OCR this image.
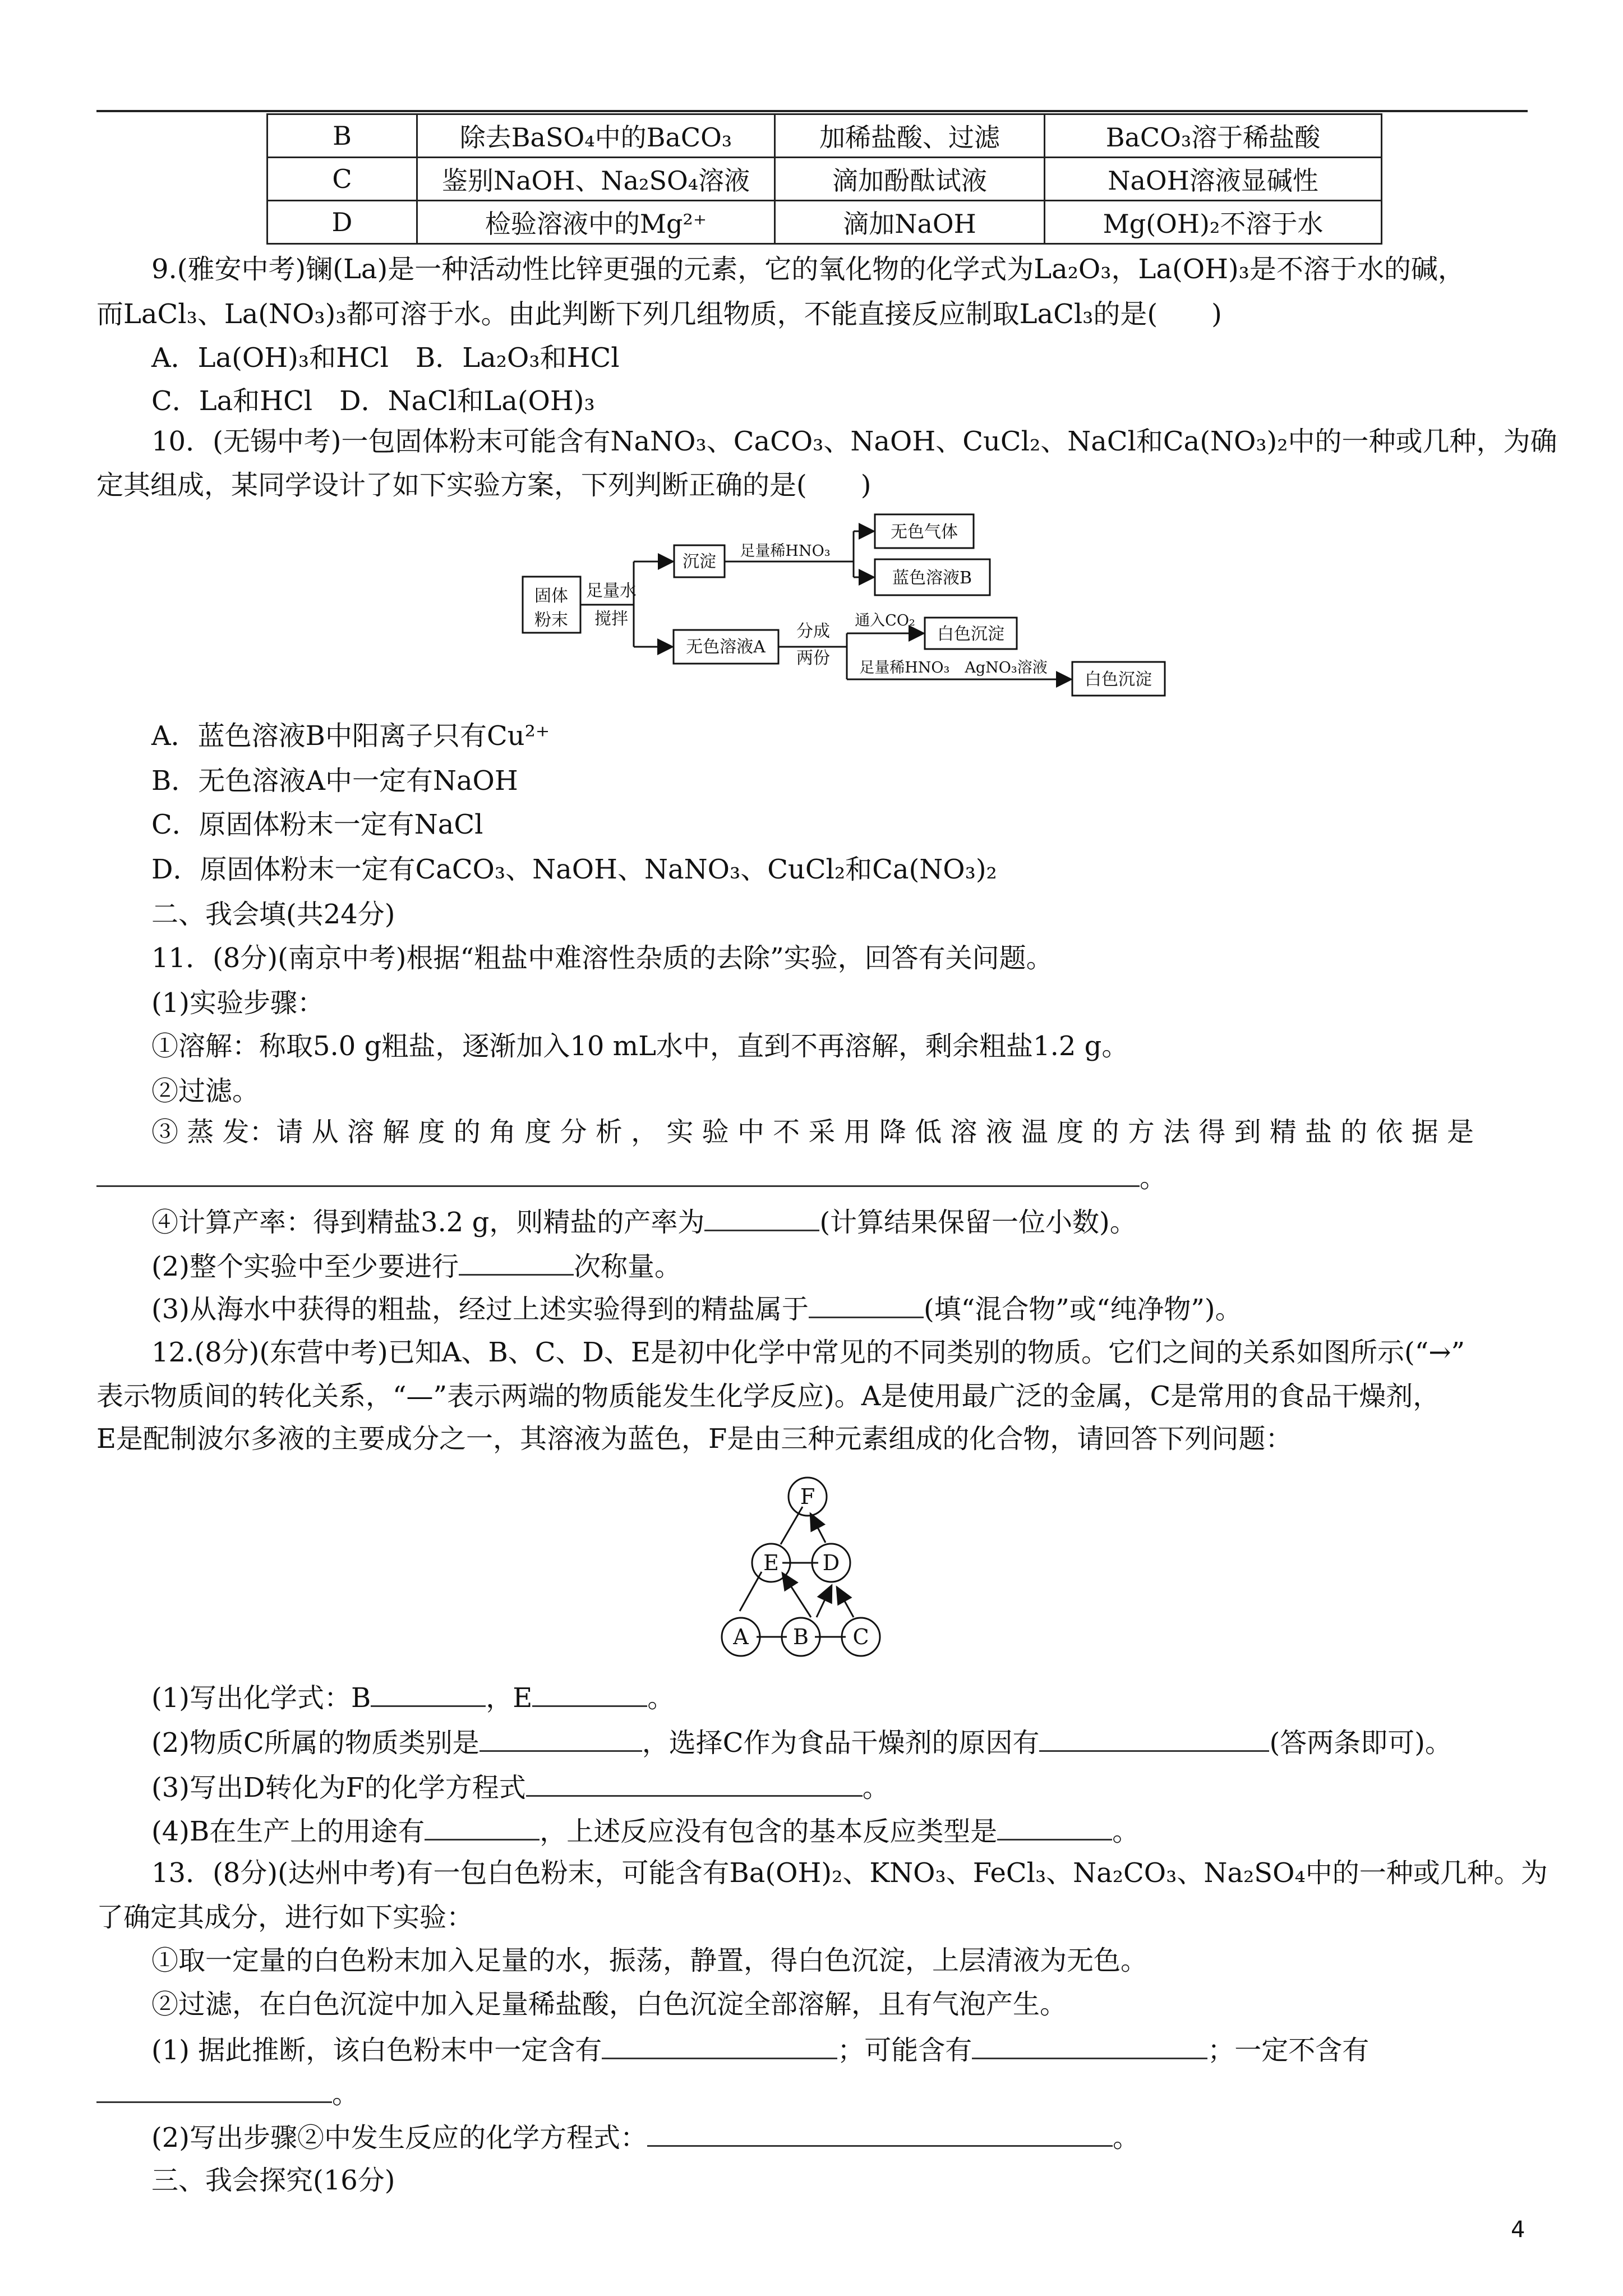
B	除去BaSO₄中的BaCO₃	加稀盐酸、过滤	BaCO₃溶于稀盐酸
C	鉴别NaOH、Na₂SO₄溶液	滴加酚酞试液	NaOH溶液显碱性
D	检验溶液中的Mg²⁺	滴加NaOH	Mg(OH)₂不溶于水
9.(雅安中考)镧(La)是一种活动性比锌更强的元素，它的氧化物的化学式为La₂O₃，La(OH)₃是不溶于水的碱，
而LaCl₃、La(NO₃)₃都可溶于水。由此判断下列几组物质，不能直接反应制取LaCl₃的是(　　)
A．La(OH)₃和HCl　B．La₂O₃和HCl
C．La和HCl　D．NaCl和La(OH)₃
10．(无锡中考)一包固体粉末可能含有NaNO₃、CaCO₃、NaOH、CuCl₂、NaCl和Ca(NO₃)₂中的一种或几种，为确
定其组成，某同学设计了如下实验方案，下列判断正确的是(　　)
固体
粉末
足量水
搅拌
沉淀
足量稀HNO₃
无色气体
蓝色溶液B
无色溶液A
分成
两份
通入CO₂
白色沉淀
足量稀HNO₃　AgNO₃溶液
白色沉淀
A．蓝色溶液B中阳离子只有Cu²⁺
B．无色溶液A中一定有NaOH
C．原固体粉末一定有NaCl
D．原固体粉末一定有CaCO₃、NaOH、NaNO₃、CuCl₂和Ca(NO₃)₂
二、我会填(共24分)
11．(8分)(南京中考)根据“粗盐中难溶性杂质的去除”实验，回答有关问题。
(1)实验步骤：
①溶解：称取5.0 g粗盐，逐渐加入10 mL水中，直到不再溶解，剩余粗盐1.2 g。
②过滤。
③ 蒸 发：请 从 溶 解 度 的 角 度 分 析 ， 实 验 中 不 采 用 降 低 溶 液 温 度 的 方 法 得 到 精 盐 的 依 据 是
。
④计算产率：得到精盐3.2 g，则精盐的产率为	(计算结果保留一位小数)。
(2)整个实验中至少要进行	次称量。
(3)从海水中获得的粗盐，经过上述实验得到的精盐属于	(填“混合物”或“纯净物”)。
12.(8分)(东营中考)已知A、B、C、D、E是初中化学中常见的不同类别的物质。它们之间的关系如图所示(“→”
表示物质间的转化关系，“—”表示两端的物质能发生化学反应)。A是使用最广泛的金属，C是常用的食品干燥剂，
E是配制波尔多液的主要成分之一，其溶液为蓝色，F是由三种元素组成的化合物，请回答下列问题：
F
E D
A B C
(1)写出化学式：B	，E	。
(2)物质C所属的物质类别是	，选择C作为食品干燥剂的原因有	(答两条即可)。
(3)写出D转化为F的化学方程式	。
(4)B在生产上的用途有	，上述反应没有包含的基本反应类型是	。
13．(8分)(达州中考)有一包白色粉末，可能含有Ba(OH)₂、KNO₃、FeCl₃、Na₂CO₃、Na₂SO₄中的一种或几种。为
了确定其成分，进行如下实验：
①取一定量的白色粉末加入足量的水，振荡，静置，得白色沉淀，上层清液为无色。
②过滤，在白色沉淀中加入足量稀盐酸，白色沉淀全部溶解，且有气泡产生。
(1) 据此推断，该白色粉末中一定含有	；可能含有	；一定不含有
。
(2)写出步骤②中发生反应的化学方程式：	。
三、我会探究(16分)
4
